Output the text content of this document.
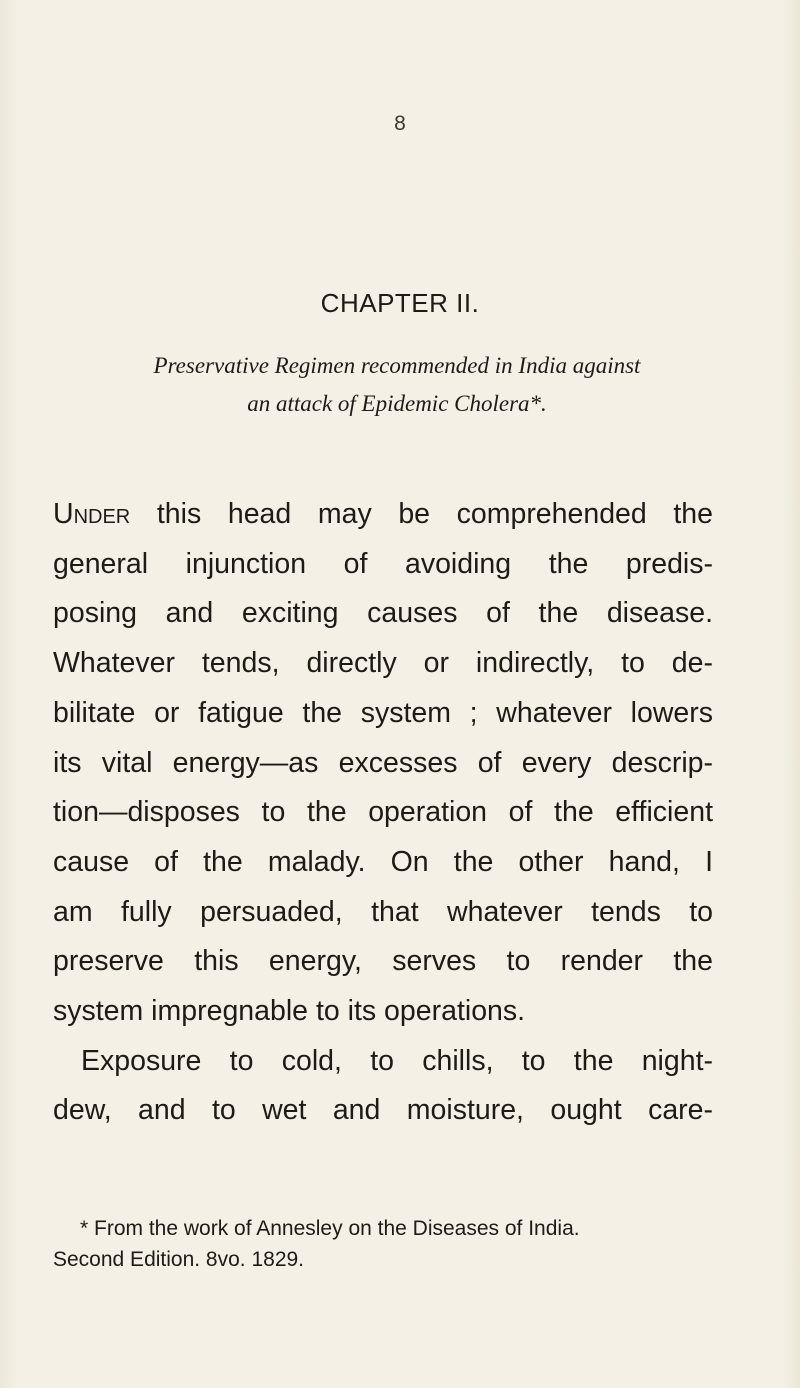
8
CHAPTER II.
Preservative Regimen recommended in India against
an attack of Epidemic Cholera*.
Under this head may be comprehended the
general injunction of avoiding the predis-
posing and exciting causes of the disease.
Whatever tends, directly or indirectly, to de-
bilitate or fatigue the system ; whatever lowers
its vital energy—as excesses of every descrip-
tion—disposes to the operation of the efficient
cause of the malady. On the other hand, I
am fully persuaded, that whatever tends to
preserve this energy, serves to render the
system impregnable to its operations.
Exposure to cold, to chills, to the night-
dew, and to wet and moisture, ought care-
* From the work of Annesley on the Diseases of India.
Second Edition. 8vo. 1829.
